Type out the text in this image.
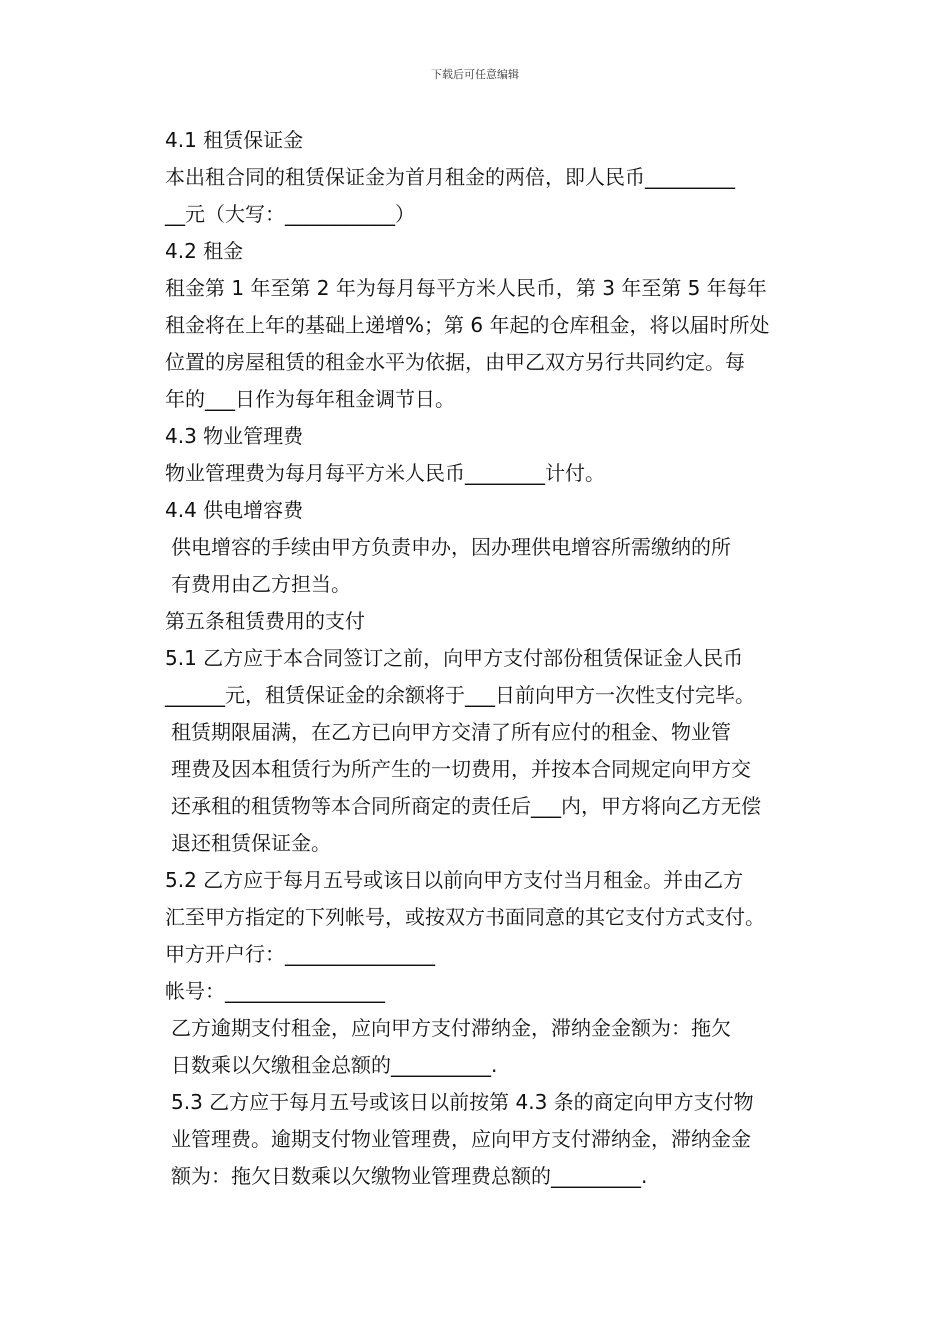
下载后可任意编辑

4.1 租赁保证金

本出租合同的租赁保证金为首月租金的两倍，即人民币_________
__元（大写：___________）

4.2 租金

租金第 1 年至第 2 年为每月每平方米人民币，第 3 年至第 5 年每年
租金将在上年的基础上递增%；第 6 年起的仓库租金，将以届时所处
位置的房屋租赁的租金水平为依据，由甲乙双方另行共同约定。每
年的___日作为每年租金调节日。

4.3 物业管理费

物业管理费为每月每平方米人民币________计付。

4.4 供电增容费

供电增容的手续由甲方负责申办，因办理供电增容所需缴纳的所
有费用由乙方担当。

第五条租赁费用的支付

5.1 乙方应于本合同签订之前，向甲方支付部份租赁保证金人民币
______元，租赁保证金的余额将于___日前向甲方一次性支付完毕。

租赁期限届满，在乙方已向甲方交清了所有应付的租金、物业管
理费及因本租赁行为所产生的一切费用，并按本合同规定向甲方交
还承租的租赁物等本合同所商定的责任后___内，甲方将向乙方无偿
退还租赁保证金。

5.2 乙方应于每月五号或该日以前向甲方支付当月租金。并由乙方
汇至甲方指定的下列帐号，或按双方书面同意的其它支付方式支付。

甲方开户行：_______________

帐号：________________

乙方逾期支付租金，应向甲方支付滞纳金，滞纳金金额为：拖欠
日数乘以欠缴租金总额的__________.

5.3 乙方应于每月五号或该日以前按第 4.3 条的商定向甲方支付物
业管理费。逾期支付物业管理费，应向甲方支付滞纳金，滞纳金金
额为：拖欠日数乘以欠缴物业管理费总额的_________.
